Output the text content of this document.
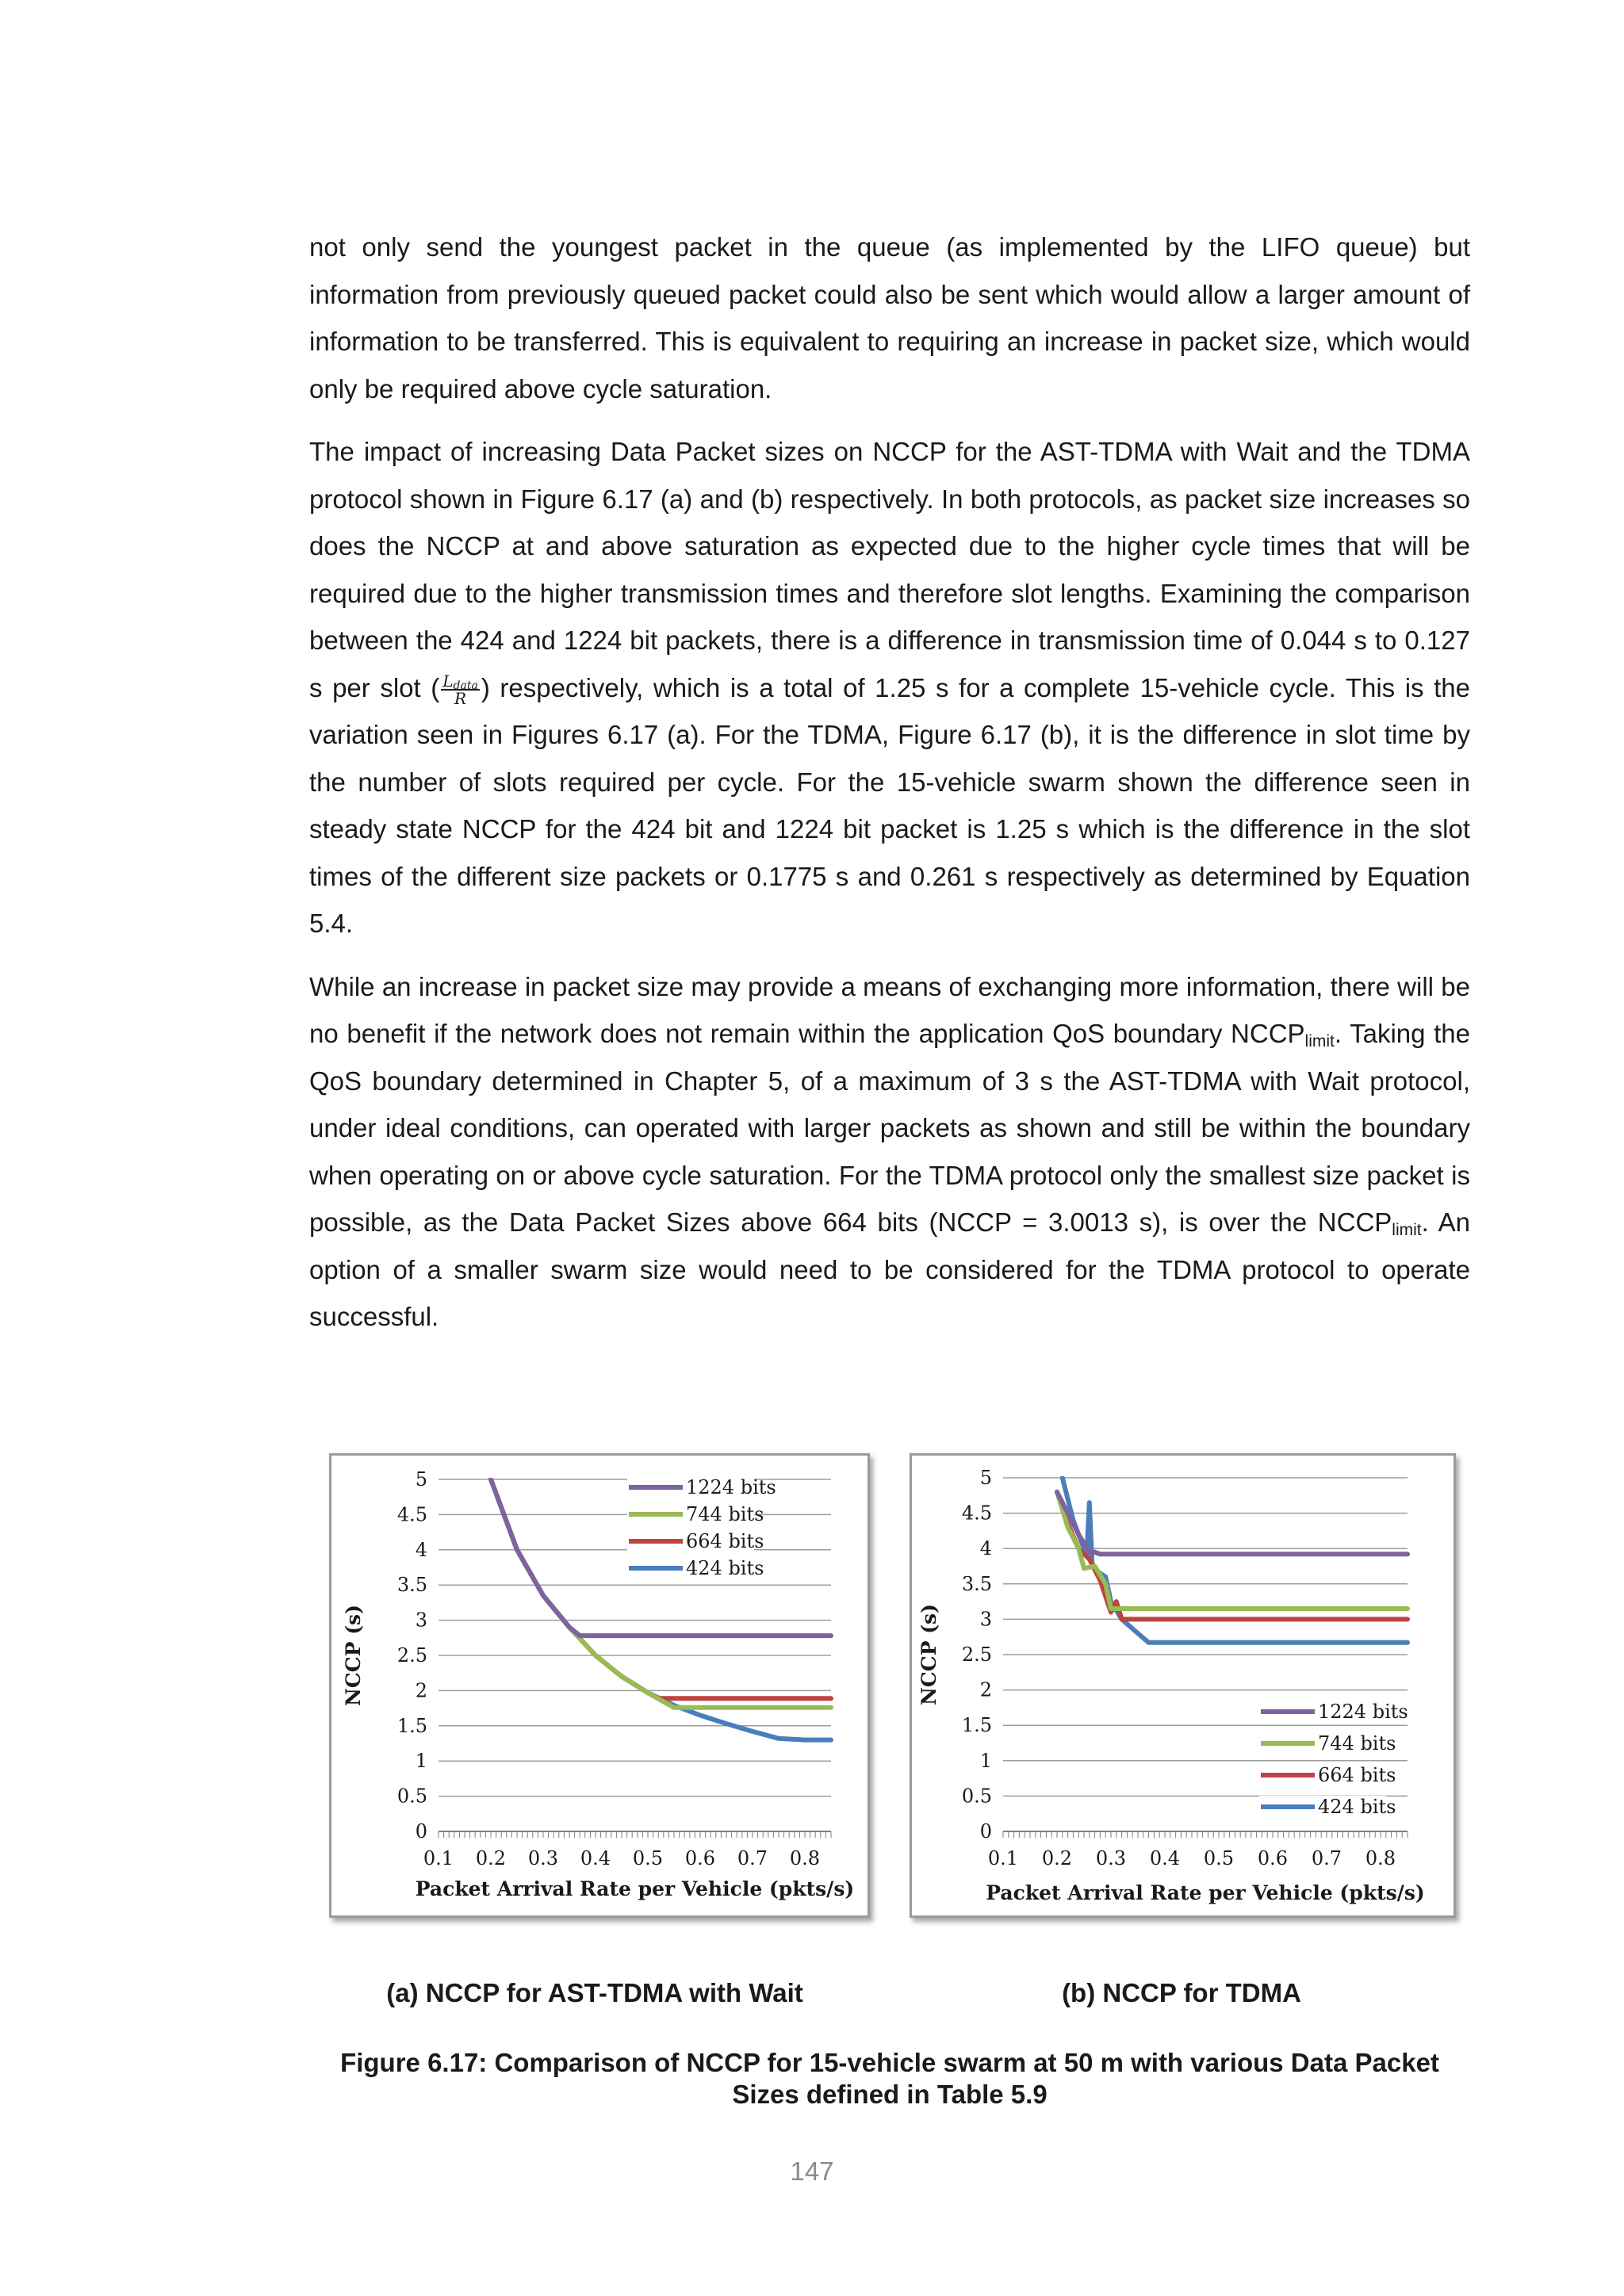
not only send the youngest packet in the queue (as implemented by the LIFO queue) but information from previously queued packet could also be sent which would allow a larger amount of information to be transferred. This is equivalent to requiring an increase in packet size, which would only be required above cycle saturation.

The impact of increasing Data Packet sizes on NCCP for the AST-TDMA with Wait and the TDMA protocol shown in Figure 6.17 (a) and (b) respectively. In both protocols, as packet size increases so does the NCCP at and above saturation as expected due to the higher cycle times that will be required due to the higher transmission times and therefore slot lengths. Examining the comparison between the 424 and 1224 bit packets, there is a difference in transmission time of 0.044 s to 0.127 s per slot ( $\frac{L_{data}}{R}$ ) respectively, which is a total of 1.25 s for a complete 15-vehicle cycle. This is the variation seen in Figures 6.17 (a). For the TDMA, Figure 6.17 (b), it is the difference in slot time by the number of slots required per cycle. For the 15-vehicle swarm shown the difference seen in steady state NCCP for the 424 bit and 1224 bit packet is 1.25 s which is the difference in the slot times of the different size packets or 0.1775 s and 0.261 s respectively as determined by Equation 5.4.

While an increase in packet size may provide a means of exchanging more information, there will be no benefit if the network does not remain within the application QoS boundary $NCCP_{limit}$. Taking the QoS boundary determined in Chapter 5, of a maximum of 3 s the AST-TDMA with Wait protocol, under ideal conditions, can operated with larger packets as shown and still be within the boundary when operating on or above cycle saturation. For the TDMA protocol only the smallest size packet is possible, as the Data Packet Sizes above 664 bits (NCCP = 3.0013 s), is over the $NCCP_{limit}$. An option of a smaller swarm size would need to be considered for the TDMA protocol to operate successful.

0
0.5
1
1.5
2
2.5
3
3.5
4
4.5
5
0.1 0.2 0.3 0.4 0.5 0.6 0.7 0.8
Packet Arrival Rate per Vehicle (pkts/s)
NCCP (s)
1224 bits
744 bits
664 bits
424 bits
0
0.5
1
1.5
2
2.5
3
3.5
4
4.5
5
0.1 0.2 0.3 0.4 0.5 0.6 0.7 0.8
Packet Arrival Rate per Vehicle (pkts/s)
NCCP (s)
1224 bits
744 bits
664 bits
424 bits
(a) NCCP for AST-TDMA with Wait	(b) NCCP for TDMA
Figure 6.17: Comparison of NCCP for 15-vehicle swarm at 50 m with various Data Packet Sizes defined in Table 5.9
147
